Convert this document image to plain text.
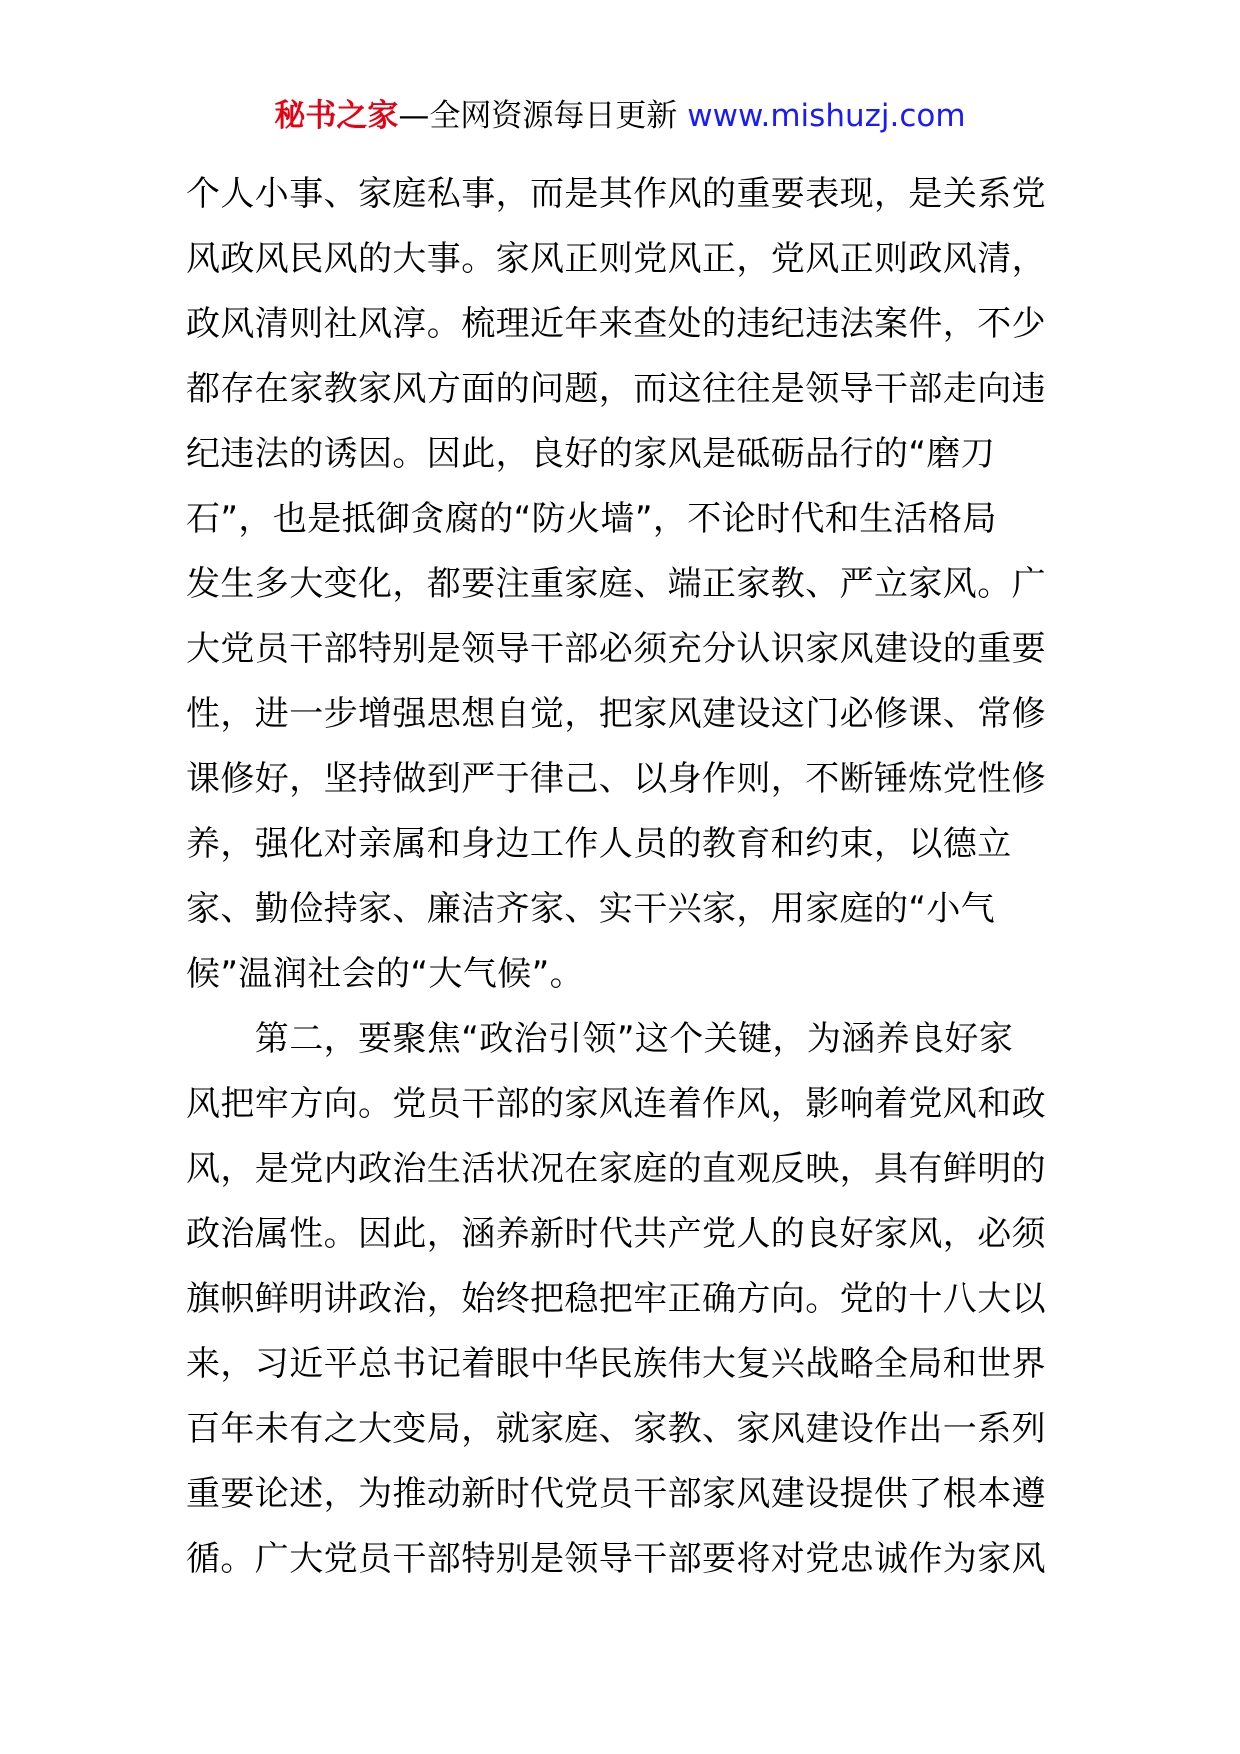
秘书之家—全网资源每日更新 www.mishuzj.com
个人小事、家庭私事，而是其作风的重要表现，是关系党
风政风民风的大事。家风正则党风正，党风正则政风清，
政风清则社风淳。梳理近年来查处的违纪违法案件，不少
都存在家教家风方面的问题，而这往往是领导干部走向违
纪违法的诱因。因此，良好的家风是砥砺品行的“磨刀
石”，也是抵御贪腐的“防火墙”，不论时代和生活格局
发生多大变化，都要注重家庭、端正家教、严立家风。广
大党员干部特别是领导干部必须充分认识家风建设的重要
性，进一步增强思想自觉，把家风建设这门必修课、常修
课修好，坚持做到严于律己、以身作则，不断锤炼党性修
养，强化对亲属和身边工作人员的教育和约束，以德立
家、勤俭持家、廉洁齐家、实干兴家，用家庭的“小气
候”温润社会的“大气候”。
　　第二，要聚焦“政治引领”这个关键，为涵养良好家
风把牢方向。党员干部的家风连着作风，影响着党风和政
风，是党内政治生活状况在家庭的直观反映，具有鲜明的
政治属性。因此，涵养新时代共产党人的良好家风，必须
旗帜鲜明讲政治，始终把稳把牢正确方向。党的十八大以
来，习近平总书记着眼中华民族伟大复兴战略全局和世界
百年未有之大变局，就家庭、家教、家风建设作出一系列
重要论述，为推动新时代党员干部家风建设提供了根本遵
循。广大党员干部特别是领导干部要将对党忠诚作为家风
